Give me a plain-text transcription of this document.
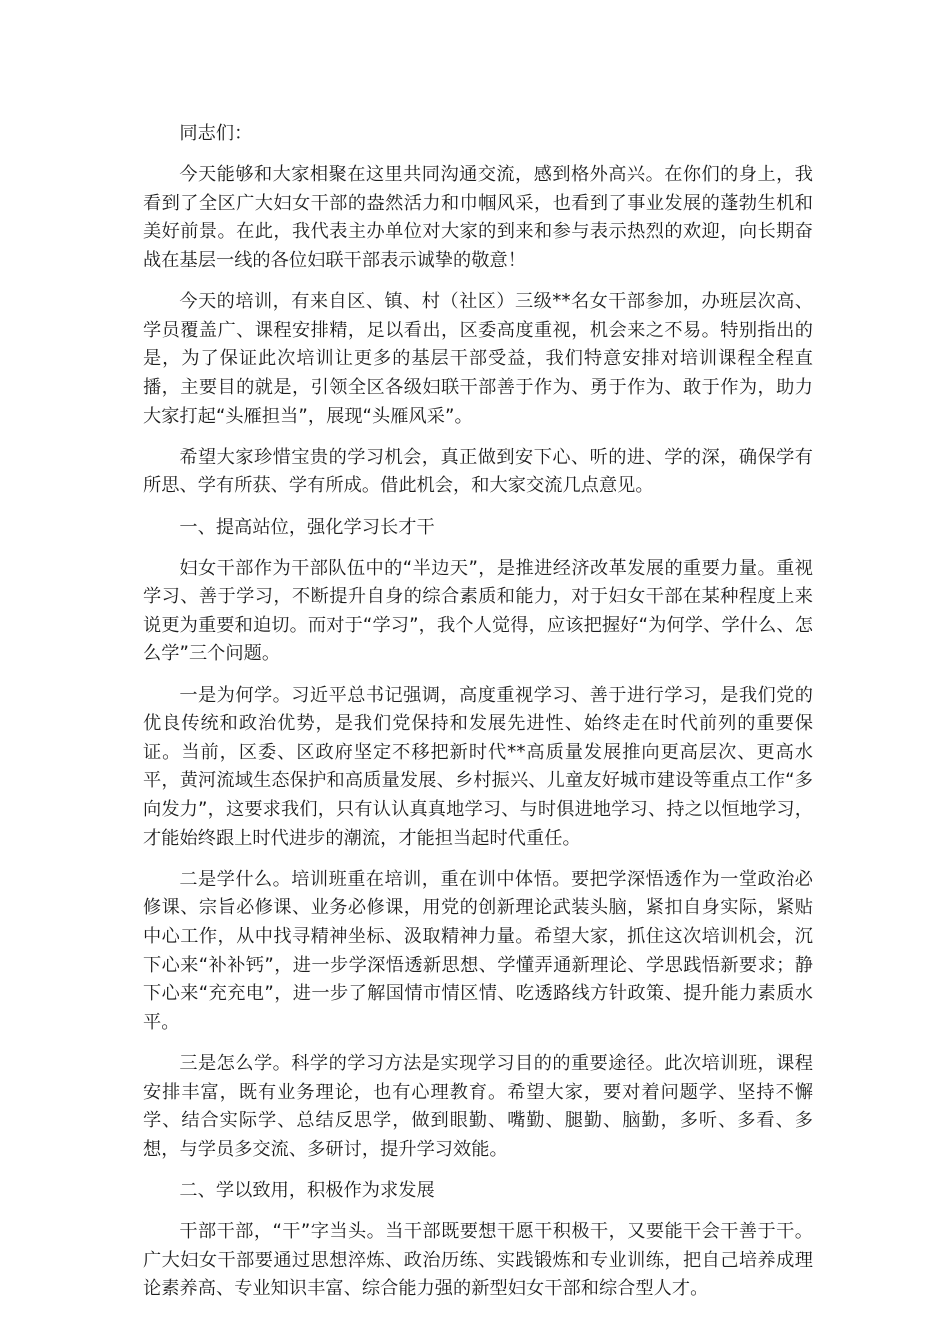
同志们：

今天能够和大家相聚在这里共同沟通交流，感到格外高兴。在你们的身上，我看到了全区广大妇女干部的盎然活力和巾帼风采，也看到了事业发展的蓬勃生机和美好前景。在此，我代表主办单位对大家的到来和参与表示热烈的欢迎，向长期奋战在基层一线的各位妇联干部表示诚挚的敬意！

今天的培训，有来自区、镇、村（社区）三级**名女干部参加，办班层次高、学员覆盖广、课程安排精，足以看出，区委高度重视，机会来之不易。特别指出的是，为了保证此次培训让更多的基层干部受益，我们特意安排对培训课程全程直播，主要目的就是，引领全区各级妇联干部善于作为、勇于作为、敢于作为，助力大家打起“头雁担当”，展现“头雁风采”。

希望大家珍惜宝贵的学习机会，真正做到安下心、听的进、学的深，确保学有所思、学有所获、学有所成。借此机会，和大家交流几点意见。

一、提高站位，强化学习长才干

妇女干部作为干部队伍中的“半边天”，是推进经济改革发展的重要力量。重视学习、善于学习，不断提升自身的综合素质和能力，对于妇女干部在某种程度上来说更为重要和迫切。而对于“学习”，我个人觉得，应该把握好“为何学、学什么、怎么学”三个问题。

一是为何学。习近平总书记强调，高度重视学习、善于进行学习，是我们党的优良传统和政治优势，是我们党保持和发展先进性、始终走在时代前列的重要保证。当前，区委、区政府坚定不移把新时代**高质量发展推向更高层次、更高水平，黄河流域生态保护和高质量发展、乡村振兴、儿童友好城市建设等重点工作“多向发力”，这要求我们，只有认认真真地学习、与时俱进地学习、持之以恒地学习，才能始终跟上时代进步的潮流，才能担当起时代重任。

二是学什么。培训班重在培训，重在训中体悟。要把学深悟透作为一堂政治必修课、宗旨必修课、业务必修课，用党的创新理论武装头脑，紧扣自身实际，紧贴中心工作，从中找寻精神坐标、汲取精神力量。希望大家，抓住这次培训机会，沉下心来“补补钙”，进一步学深悟透新思想、学懂弄通新理论、学思践悟新要求；静下心来“充充电”，进一步了解国情市情区情、吃透路线方针政策、提升能力素质水平。

三是怎么学。科学的学习方法是实现学习目的的重要途径。此次培训班，课程安排丰富，既有业务理论，也有心理教育。希望大家，要对着问题学、坚持不懈学、结合实际学、总结反思学，做到眼勤、嘴勤、腿勤、脑勤，多听、多看、多想，与学员多交流、多研讨，提升学习效能。

二、学以致用，积极作为求发展

干部干部，“干”字当头。当干部既要想干愿干积极干，又要能干会干善于干。广大妇女干部要通过思想淬炼、政治历练、实践锻炼和专业训练，把自己培养成理论素养高、专业知识丰富、综合能力强的新型妇女干部和综合型人才。
